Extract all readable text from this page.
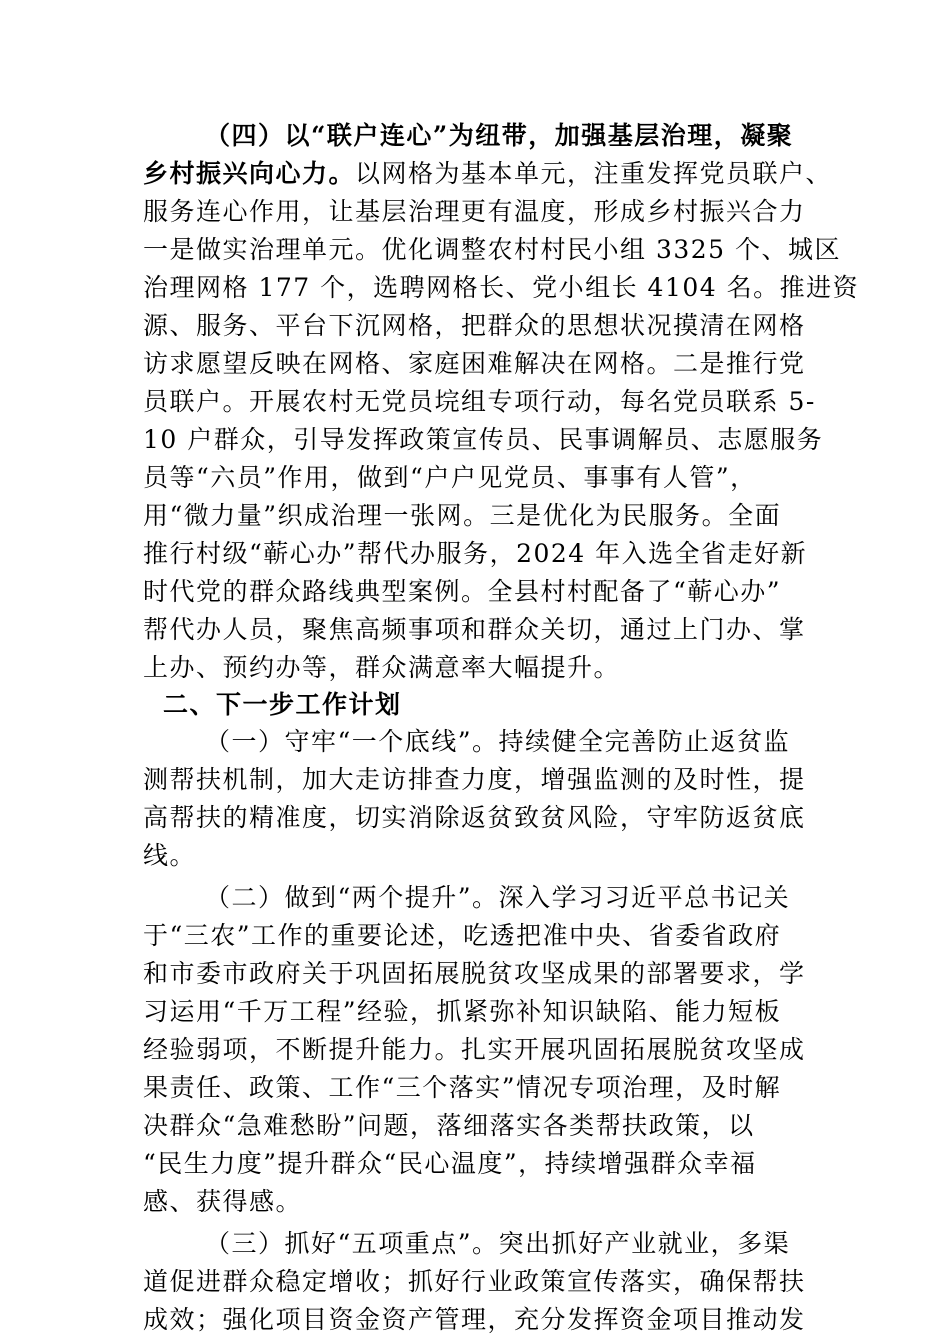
（四）以“联户连心”为纽带，加强基层治理，凝聚
乡村振兴向心力。以网格为基本单元，注重发挥党员联户、
服务连心作用，让基层治理更有温度，形成乡村振兴合力
一是做实治理单元。优化调整农村村民小组 3325 个、城区
治理网格 177 个，选聘网格长、党小组长 4104 名。推进资
源、服务、平台下沉网格，把群众的思想状况摸清在网格
访求愿望反映在网格、家庭困难解决在网格。二是推行党
员联户。开展农村无党员垸组专项行动，每名党员联系 5-
10 户群众，引导发挥政策宣传员、民事调解员、志愿服务
员等“六员”作用，做到“户户见党员、事事有人管”，
用“微力量”织成治理一张网。三是优化为民服务。全面
推行村级“蕲心办”帮代办服务，2024 年入选全省走好新
时代党的群众路线典型案例。全县村村配备了“蕲心办”
帮代办人员，聚焦高频事项和群众关切，通过上门办、掌
上办、预约办等，群众满意率大幅提升。
二、下一步工作计划
（一）守牢“一个底线”。持续健全完善防止返贫监
测帮扶机制，加大走访排查力度，增强监测的及时性，提
高帮扶的精准度，切实消除返贫致贫风险，守牢防返贫底
线。
（二）做到“两个提升”。深入学习习近平总书记关
于“三农”工作的重要论述，吃透把准中央、省委省政府
和市委市政府关于巩固拓展脱贫攻坚成果的部署要求，学
习运用“千万工程”经验，抓紧弥补知识缺陷、能力短板
经验弱项，不断提升能力。扎实开展巩固拓展脱贫攻坚成
果责任、政策、工作“三个落实”情况专项治理，及时解
决群众“急难愁盼”问题，落细落实各类帮扶政策，以
“民生力度”提升群众“民心温度”，持续增强群众幸福
感、获得感。
（三）抓好“五项重点”。突出抓好产业就业，多渠
道促进群众稳定增收；抓好行业政策宣传落实，确保帮扶
成效；强化项目资金资产管理，充分发挥资金项目推动发
